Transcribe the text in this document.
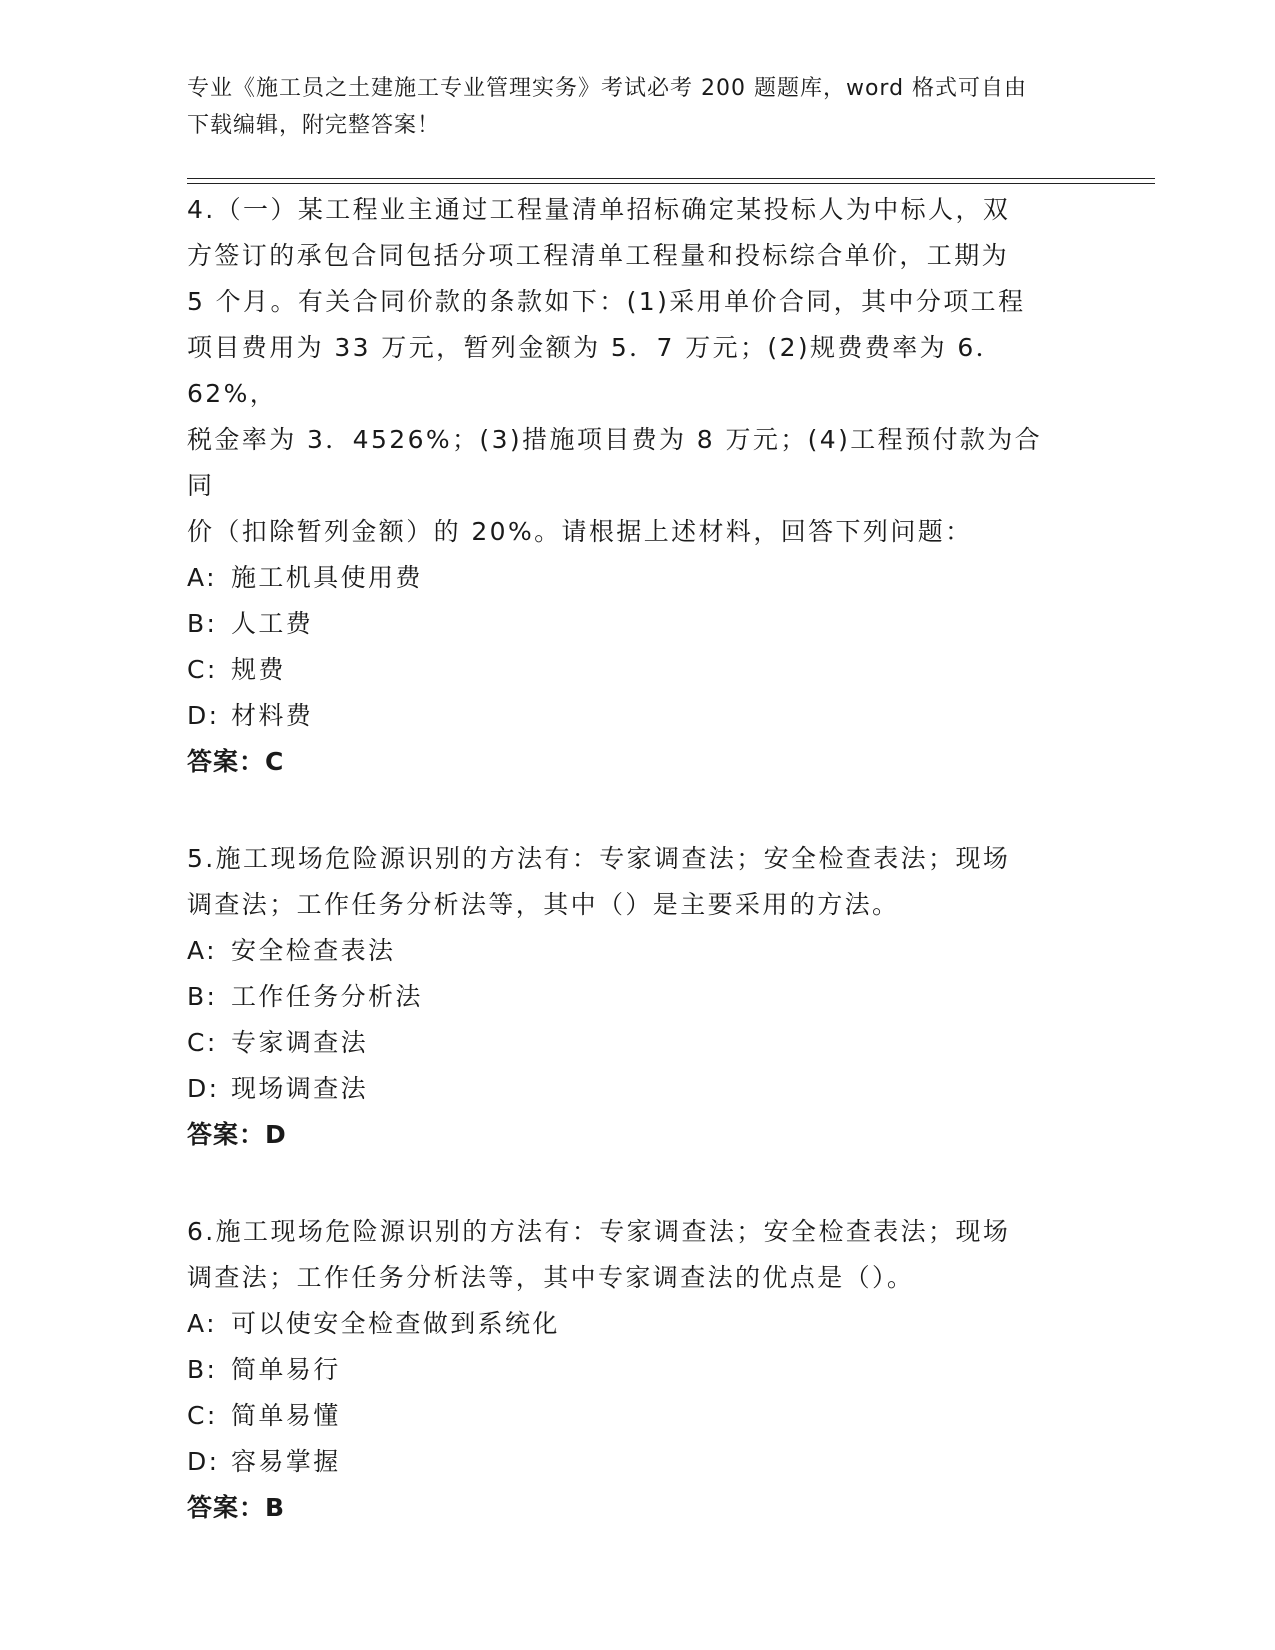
专业《施工员之土建施工专业管理实务》考试必考 200 题题库，word 格式可自由
下载编辑，附完整答案！

4.（一）某工程业主通过工程量清单招标确定某投标人为中标人，双

方签订的承包合同包括分项工程清单工程量和投标综合单价，工期为

5 个月。有关合同价款的条款如下：(1)采用单价合同，其中分项工程

项目费用为 33 万元，暂列金额为 5．7 万元；(2)规费费率为 6．62%，

税金率为 3．4526%；(3)措施项目费为 8 万元；(4)工程预付款为合同

价（扣除暂列金额）的 20%。请根据上述材料，回答下列问题：

A: 施工机具使用费
B: 人工费
C: 规费
D: 材料费

答案：C

5.施工现场危险源识别的方法有：专家调查法；安全检查表法；现场

调查法；工作任务分析法等，其中（）是主要采用的方法。

A: 安全检查表法
B: 工作任务分析法
C: 专家调查法
D: 现场调查法

答案：D

6.施工现场危险源识别的方法有：专家调查法；安全检查表法；现场

调查法；工作任务分析法等，其中专家调查法的优点是（）。

A: 可以使安全检查做到系统化
B: 简单易行
C: 简单易懂
D: 容易掌握

答案：B
